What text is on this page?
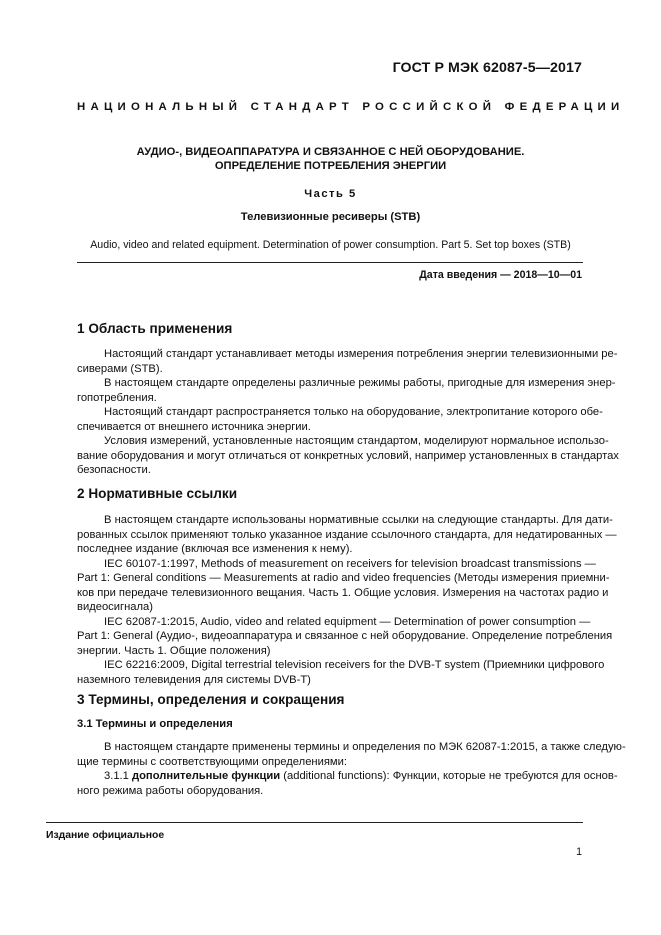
ГОСТ Р МЭК 62087-5—2017
НАЦИОНАЛЬНЫЙ СТАНДАРТ РОССИЙСКОЙ ФЕДЕРАЦИИ
АУДИО-, ВИДЕОАППАРАТУРА И СВЯЗАННОЕ С НЕЙ ОБОРУДОВАНИЕ.
ОПРЕДЕЛЕНИЕ ПОТРЕБЛЕНИЯ ЭНЕРГИИ
Часть 5
Телевизионные ресиверы (STB)
Audio, video and related equipment. Determination of power consumption. Part 5. Set top boxes (STB)
Дата введения — 2018—10—01
1 Область применения
Настоящий стандарт устанавливает методы измерения потребления энергии телевизионными ре-
сиверами (STB).
В настоящем стандарте определены различные режимы работы, пригодные для измерения энер-
гопотребления.
Настоящий стандарт распространяется только на оборудование, электропитание которого обе-
спечивается от внешнего источника энергии.
Условия измерений, установленные настоящим стандартом, моделируют нормальное использо-
вание оборудования и могут отличаться от конкретных условий, например установленных в стандартах
безопасности.
2 Нормативные ссылки
3 Термины, определения и сокращения
3.1 Термины и определения
Издание официальное
1
В настоящем стандарте использованы нормативные ссылки на следующие стандарты. Для дати-
рованных ссылок применяют только указанное издание ссылочного стандарта, для недатированных —
последнее издание (включая все изменения к нему).
IEC 60107-1:1997, Methods of measurement on receivers for television broadcast transmissions —
Part 1: General conditions — Measurements at radio and video frequencies (Методы измерения приемни-
ков при передаче телевизионного вещания. Часть 1. Общие условия. Измерения на частотах радио и
видеосигнала)
IEC 62087-1:2015, Audio, video and related equipment — Determination of power consumption —
Part 1: General (Аудио-, видеоаппаратура и связанное с ней оборудование. Определение потребления
энергии. Часть 1. Общие положения)
IEC 62216:2009, Digital terrestrial television receivers for the DVB-T system (Приемники цифрового
наземного телевидения для системы DVB-T)
В настоящем стандарте применены термины и определения по МЭК 62087-1:2015, а также следую-
щие термины с соответствующими определениями:
3.1.1 дополнительные функции (additional functions): Функции, которые не требуются для основ-
ного режима работы оборудования.
